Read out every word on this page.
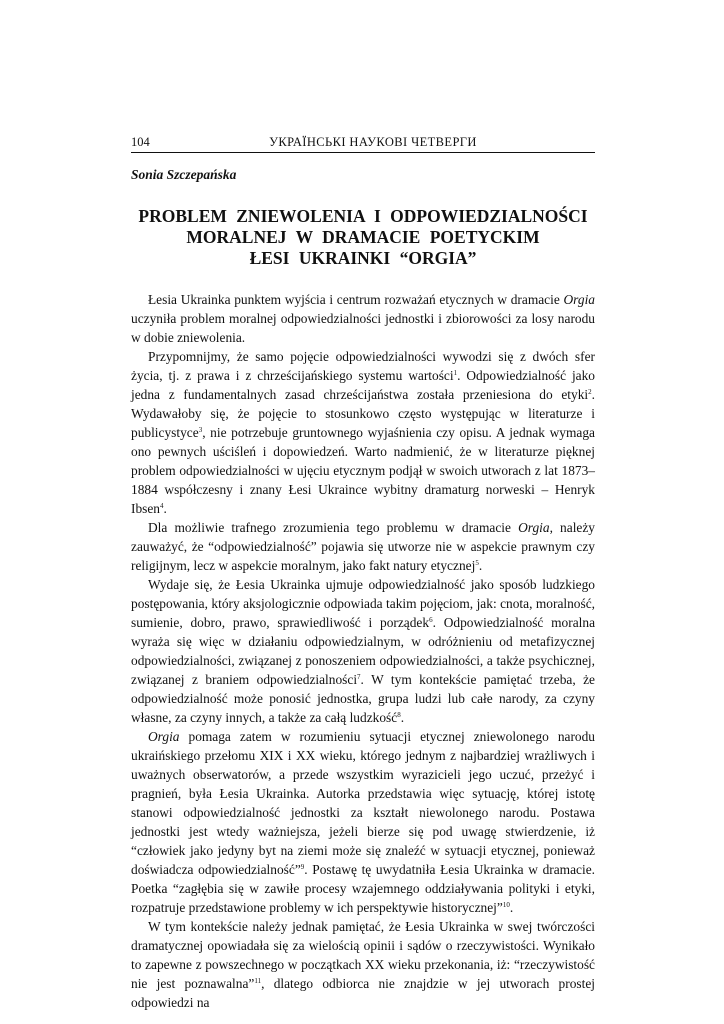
104	УКРАЇНСЬКІ НАУКОВІ ЧЕТВЕРГИ
Sonia Szczepańska
PROBLEM ZNIEWOLENIA I ODPOWIEDZIALNOŚCI
MORALNEJ W DRAMACIE POETYCKIM
ŁESI UKRAINKI “ORGIA”

Łesia Ukrainka punktem wyjścia i centrum rozważań etycznych w dramacie Orgia uczyniła problem moralnej odpowiedzialności jednostki i zbiorowości za losy narodu w dobie zniewolenia.

Przypomnijmy, że samo pojęcie odpowiedzialności wywodzi się z dwóch sfer życia, tj. z prawa i z chrześcijańskiego systemu wartości$^1$. Odpowiedzialność jako jedna z fundamentalnych zasad chrześcijaństwa została przeniesiona do etyki$^2$. Wydawałoby się, że pojęcie to stosunkowo często występując w literaturze i publicystyce$^3$, nie potrzebuje gruntownego wyjaśnienia czy opisu. A jednak wymaga ono pewnych uściśleń i dopowiedzeń. Warto nadmienić, że w literaturze pięknej problem odpowiedzialności w ujęciu etycznym podjął w swoich utworach z lat 1873–1884 współczesny i znany Łesi Ukraince wybitny dramaturg norweski – Henryk Ibsen$^4$.

Dla możliwie trafnego zrozumienia tego problemu w dramacie Orgia, należy zauważyć, że “odpowiedzialność” pojawia się utworze nie w aspekcie prawnym czy religijnym, lecz w aspekcie moralnym, jako fakt natury etycznej$^5$.

Wydaje się, że Łesia Ukrainka ujmuje odpowiedzialność jako sposób ludzkiego postępowania, który aksjologicznie odpowiada takim pojęciom, jak: cnota, moralność, sumienie, dobro, prawo, sprawiedliwość i porządek$^6$. Odpowiedzialność moralna wyraża się więc w działaniu odpowiedzialnym, w odróżnieniu od metafizycznej odpowiedzialności, związanej z ponoszeniem odpowiedzialności, a także psychicznej, związanej z braniem odpowiedzialności$^7$. W tym kontekście pamiętać trzeba, że odpowiedzialność może ponosić jednostka, grupa ludzi lub całe narody, za czyny własne, za czyny innych, a także za całą ludzkość$^8$.

Orgia pomaga zatem w rozumieniu sytuacji etycznej zniewolonego narodu ukraińskiego przełomu XIX i XX wieku, którego jednym z najbardziej wrażliwych i uważnych obserwatorów, a przede wszystkim wyrazicieli jego uczuć, przeżyć i pragnień, była Łesia Ukrainka. Autorka przedstawia więc sytuację, której istotę stanowi odpowiedzialność jednostki za kształt niewolonego narodu. Postawa jednostki jest wtedy ważniejsza, jeżeli bierze się pod uwagę stwierdzenie, iż “człowiek jako jedyny byt na ziemi może się znaleźć w sytuacji etycznej, ponieważ doświadcza odpowiedzialność”$^9$. Postawę tę uwydatniła Łesia Ukrainka w dramacie. Poetka “zagłębia się w zawiłe procesy wzajemnego oddziaływania polityki i etyki, rozpatruje przedstawione problemy w ich perspektywie historycznej”$^{10}$.

W tym kontekście należy jednak pamiętać, że Łesia Ukrainka w swej twórczości dramatycznej opowiadała się za wielością opinii i sądów o rzeczywistości. Wynikało to zapewne z powszechnego w początkach XX wieku przekonania, iż: “rzeczywistość nie jest poznawalna”$^{11}$, dlatego odbiorca nie znajdzie w jej utworach prostej odpowiedzi na
